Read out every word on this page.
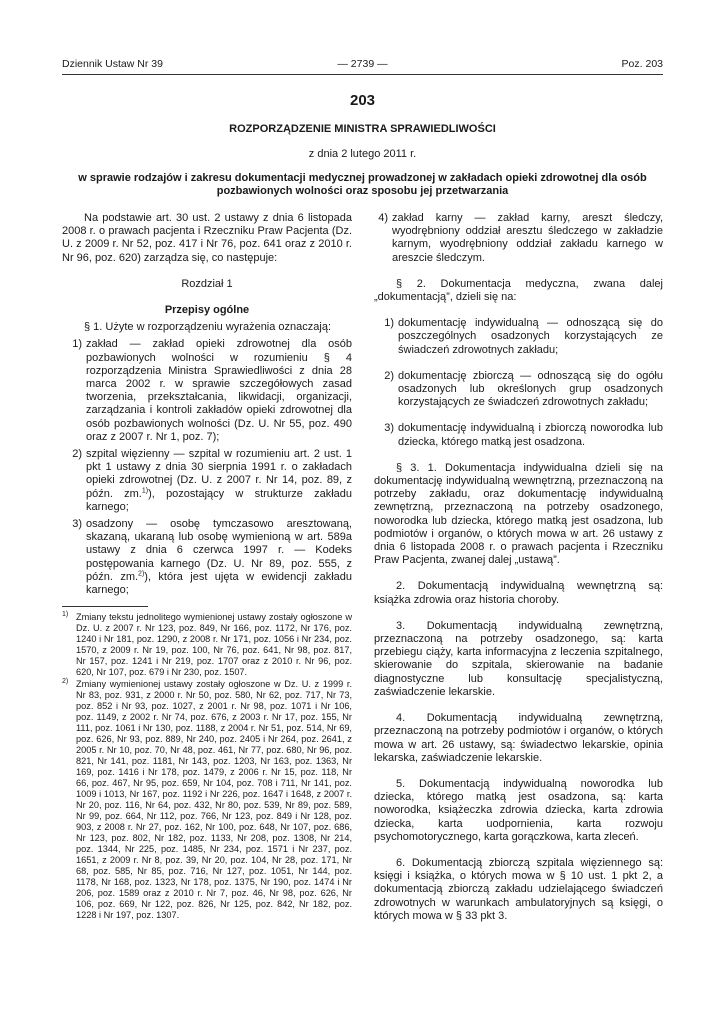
Dziennik Ustaw Nr 39	— 2739 —	Poz. 203

203

ROZPORZĄDZENIE MINISTRA SPRAWIEDLIWOŚCI

z dnia 2 lutego 2011 r.

w sprawie rodzajów i zakresu dokumentacji medycznej prowadzonej w zakładach opieki zdrowotnej dla osób pozbawionych wolności oraz sposobu jej przetwarzania

Na podstawie art. 30 ust. 2 ustawy z dnia 6 listopada 2008 r. o prawach pacjenta i Rzeczniku Praw Pacjenta (Dz. U. z 2009 r. Nr 52, poz. 417 i Nr 76, poz. 641 oraz z 2010 r. Nr 96, poz. 620) zarządza się, co następuje:

Rozdział 1

Przepisy ogólne

§ 1. Użyte w rozporządzeniu wyrażenia oznaczają:

1) zakład — zakład opieki zdrowotnej dla osób pozbawionych wolności w rozumieniu § 4 rozporządzenia Ministra Sprawiedliwości z dnia 28 marca 2002 r. w sprawie szczegółowych zasad tworzenia, przekształcania, likwidacji, organizacji, zarządzania i kontroli zakładów opieki zdrowotnej dla osób pozbawionych wolności (Dz. U. Nr 55, poz. 490 oraz z 2007 r. Nr 1, poz. 7);
2) szpital więzienny — szpital w rozumieniu art. 2 ust. 1 pkt 1 ustawy z dnia 30 sierpnia 1991 r. o zakładach opieki zdrowotnej (Dz. U. z 2007 r. Nr 14, poz. 89, z późn. zm.$^{1)}$), pozostający w strukturze zakładu karnego;
3) osadzony — osobę tymczasowo aresztowaną, skazaną, ukaraną lub osobę wymienioną w art. 589a ustawy z dnia 6 czerwca 1997 r. — Kodeks postępowania karnego (Dz. U. Nr 89, poz. 555, z późn. zm.$^{2)}$), która jest ujęta w ewidencji zakładu karnego;
$^{1)}$ Zmiany tekstu jednolitego wymienionej ustawy zostały ogłoszone w Dz. U. z 2007 r. Nr 123, poz. 849, Nr 166, poz. 1172, Nr 176, poz. 1240 i Nr 181, poz. 1290, z 2008 r. Nr 171, poz. 1056 i Nr 234, poz. 1570, z 2009 r. Nr 19, poz. 100, Nr 76, poz. 641, Nr 98, poz. 817, Nr 157, poz. 1241 i Nr 219, poz. 1707 oraz z 2010 r. Nr 96, poz. 620, Nr 107, poz. 679 i Nr 230, poz. 1507.
$^{2)}$ Zmiany wymienionej ustawy zostały ogłoszone w Dz. U. z 1999 r. Nr 83, poz. 931, z 2000 r. Nr 50, poz. 580, Nr 62, poz. 717, Nr 73, poz. 852 i Nr 93, poz. 1027, z 2001 r. Nr 98, poz. 1071 i Nr 106, poz. 1149, z 2002 r. Nr 74, poz. 676, z 2003 r. Nr 17, poz. 155, Nr 111, poz. 1061 i Nr 130, poz. 1188, z 2004 r. Nr 51, poz. 514, Nr 69, poz. 626, Nr 93, poz. 889, Nr 240, poz. 2405 i Nr 264, poz. 2641, z 2005 r. Nr 10, poz. 70, Nr 48, poz. 461, Nr 77, poz. 680, Nr 96, poz. 821, Nr 141, poz. 1181, Nr 143, poz. 1203, Nr 163, poz. 1363, Nr 169, poz. 1416 i Nr 178, poz. 1479, z 2006 r. Nr 15, poz. 118, Nr 66, poz. 467, Nr 95, poz. 659, Nr 104, poz. 708 i 711, Nr 141, poz. 1009 i 1013, Nr 167, poz. 1192 i Nr 226, poz. 1647 i 1648, z 2007 r. Nr 20, poz. 116, Nr 64, poz. 432, Nr 80, poz. 539, Nr 89, poz. 589, Nr 99, poz. 664, Nr 112, poz. 766, Nr 123, poz. 849 i Nr 128, poz. 903, z 2008 r. Nr 27, poz. 162, Nr 100, poz. 648, Nr 107, poz. 686, Nr 123, poz. 802, Nr 182, poz. 1133, Nr 208, poz. 1308, Nr 214, poz. 1344, Nr 225, poz. 1485, Nr 234, poz. 1571 i Nr 237, poz. 1651, z 2009 r. Nr 8, poz. 39, Nr 20, poz. 104, Nr 28, poz. 171, Nr 68, poz. 585, Nr 85, poz. 716, Nr 127, poz. 1051, Nr 144, poz. 1178, Nr 168, poz. 1323, Nr 178, poz. 1375, Nr 190, poz. 1474 i Nr 206, poz. 1589 oraz z 2010 r. Nr 7, poz. 46, Nr 98, poz. 626, Nr 106, poz. 669, Nr 122, poz. 826, Nr 125, poz. 842, Nr 182, poz. 1228 i Nr 197, poz. 1307.
4) zakład karny — zakład karny, areszt śledczy, wyodrębniony oddział aresztu śledczego w zakładzie karnym, wyodrębniony oddział zakładu karnego w areszcie śledczym.

§ 2. Dokumentacja medyczna, zwana dalej „dokumentacją”, dzieli się na:

1) dokumentację indywidualną — odnoszącą się do poszczególnych osadzonych korzystających ze świadczeń zdrowotnych zakładu;
2) dokumentację zbiorczą — odnoszącą się do ogółu osadzonych lub określonych grup osadzonych korzystających ze świadczeń zdrowotnych zakładu;
3) dokumentację indywidualną i zbiorczą noworodka lub dziecka, którego matką jest osadzona.

§ 3. 1. Dokumentacja indywidualna dzieli się na dokumentację indywidualną wewnętrzną, przeznaczoną na potrzeby zakładu, oraz dokumentację indywidualną zewnętrzną, przeznaczoną na potrzeby osadzonego, noworodka lub dziecka, którego matką jest osadzona, lub podmiotów i organów, o których mowa w art. 26 ustawy z dnia 6 listopada 2008 r. o prawach pacjenta i Rzeczniku Praw Pacjenta, zwanej dalej „ustawą”.

2. Dokumentacją indywidualną wewnętrzną są: książka zdrowia oraz historia choroby.

3. Dokumentacją indywidualną zewnętrzną, przeznaczoną na potrzeby osadzonego, są: karta przebiegu ciąży, karta informacyjna z leczenia szpitalnego, skierowanie do szpitala, skierowanie na badanie diagnostyczne lub konsultację specjalistyczną, zaświadczenie lekarskie.

4. Dokumentacją indywidualną zewnętrzną, przeznaczoną na potrzeby podmiotów i organów, o których mowa w art. 26 ustawy, są: świadectwo lekarskie, opinia lekarska, zaświadczenie lekarskie.

5. Dokumentacją indywidualną noworodka lub dziecka, którego matką jest osadzona, są: karta noworodka, książeczka zdrowia dziecka, karta zdrowia dziecka, karta uodpornienia, karta rozwoju psychomotorycznego, karta gorączkowa, karta zleceń.

6. Dokumentacją zbiorczą szpitala więziennego są: księgi i książka, o których mowa w § 10 ust. 1 pkt 2, a dokumentacją zbiorczą zakładu udzielającego świadczeń zdrowotnych w warunkach ambulatoryjnych są księgi, o których mowa w § 33 pkt 3.
